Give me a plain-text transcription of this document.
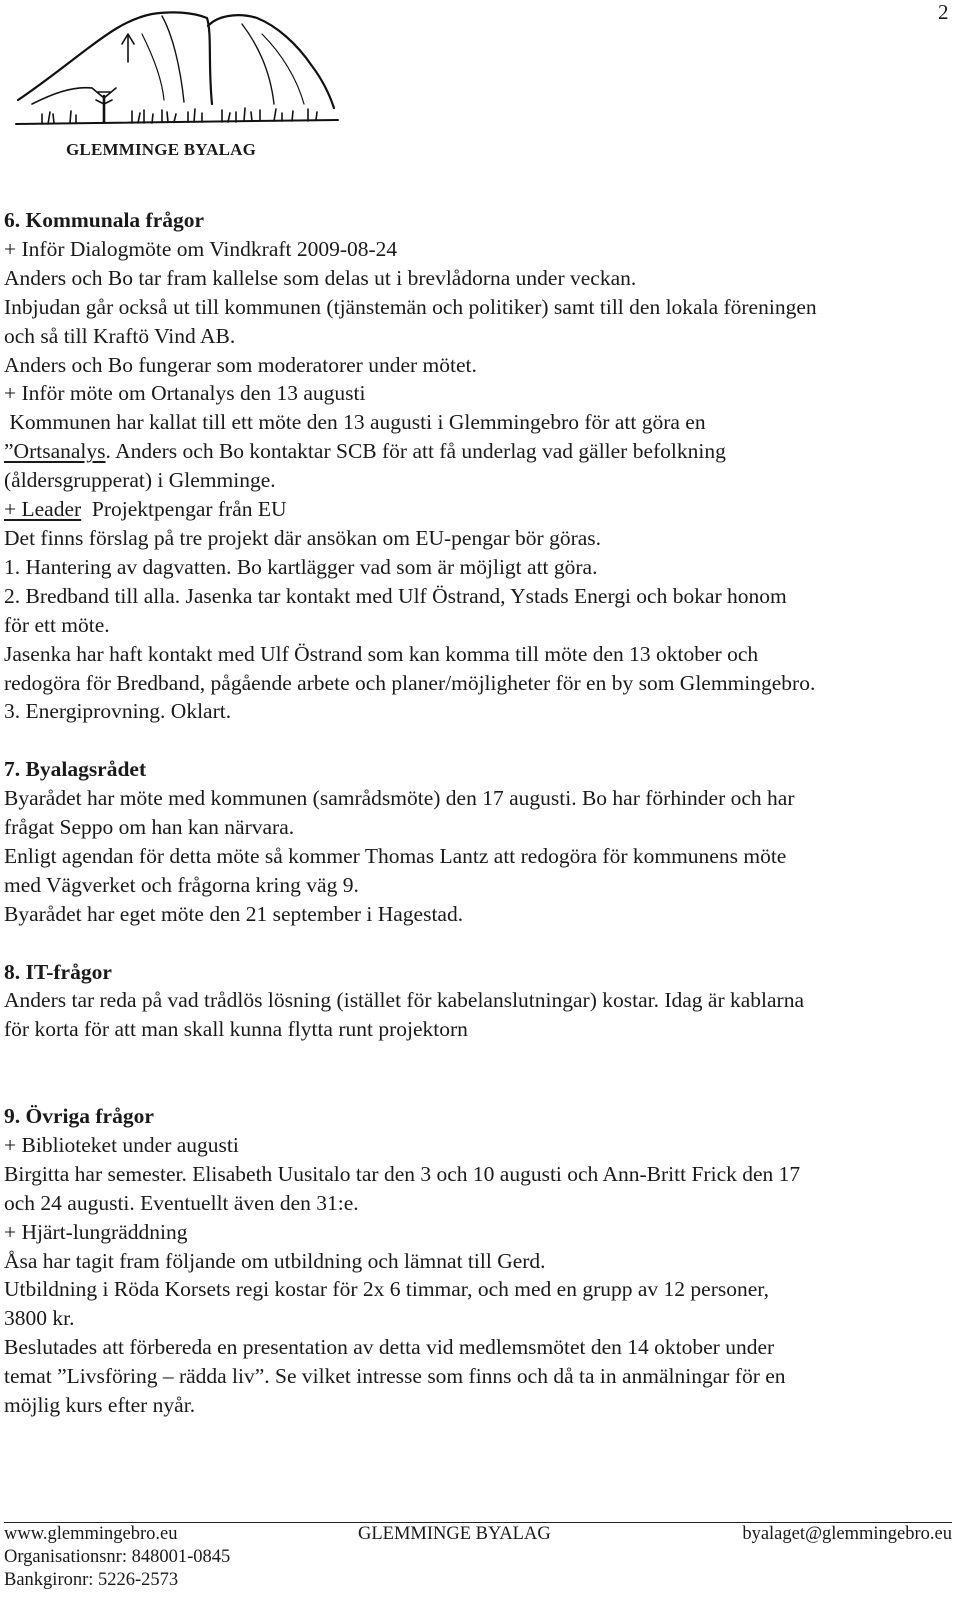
2
GLEMMINGE BYALAG
6. Kommunala frågor
+ Inför Dialogmöte om Vindkraft 2009-08-24
Anders och Bo tar fram kallelse som delas ut i brevlådorna under veckan.
Inbjudan går också ut till kommunen (tjänstemän och politiker) samt till den lokala föreningen
och så till Kraftö Vind AB.
Anders och Bo fungerar som moderatorer under mötet.
+ Inför möte om Ortanalys den 13 augusti
Kommunen har kallat till ett möte den 13 augusti i Glemmingebro för att göra en
”Ortsanalys. Anders och Bo kontaktar SCB för att få underlag vad gäller befolkning
(åldersgrupperat) i Glemminge.
+ Leader  Projektpengar från EU
Det finns förslag på tre projekt där ansökan om EU-pengar bör göras.
1. Hantering av dagvatten. Bo kartlägger vad som är möjligt att göra.
2. Bredband till alla. Jasenka tar kontakt med Ulf Östrand, Ystads Energi och bokar honom
för ett möte.
Jasenka har haft kontakt med Ulf Östrand som kan komma till möte den 13 oktober och
redogöra för Bredband, pågående arbete och planer/möjligheter för en by som Glemmingebro.
3. Energiprovning. Oklart.
7. Byalagsrådet
Byarådet har möte med kommunen (samrådsmöte) den 17 augusti. Bo har förhinder och har
frågat Seppo om han kan närvara.
Enligt agendan för detta möte så kommer Thomas Lantz att redogöra för kommunens möte
med Vägverket och frågorna kring väg 9.
Byarådet har eget möte den 21 september i Hagestad.
8. IT-frågor
Anders tar reda på vad trådlös lösning (istället för kabelanslutningar) kostar. Idag är kablarna
för korta för att man skall kunna flytta runt projektorn
9. Övriga frågor
+ Biblioteket under augusti
Birgitta har semester. Elisabeth Uusitalo tar den 3 och 10 augusti och Ann-Britt Frick den 17
och 24 augusti. Eventuellt även den 31:e.
+ Hjärt-lungräddning
Åsa har tagit fram följande om utbildning och lämnat till Gerd.
Utbildning i Röda Korsets regi kostar för 2x 6 timmar, och med en grupp av 12 personer,
3800 kr.
Beslutades att förbereda en presentation av detta vid medlemsmötet den 14 oktober under
temat ”Livsföring – rädda liv”. Se vilket intresse som finns och då ta in anmälningar för en
möjlig kurs efter nyår.
www.glemmingebro.eu	GLEMMINGE BYALAG	byalaget@glemmingebro.eu
Organisationsnr: 848001-0845
Bankgironr: 5226-2573
